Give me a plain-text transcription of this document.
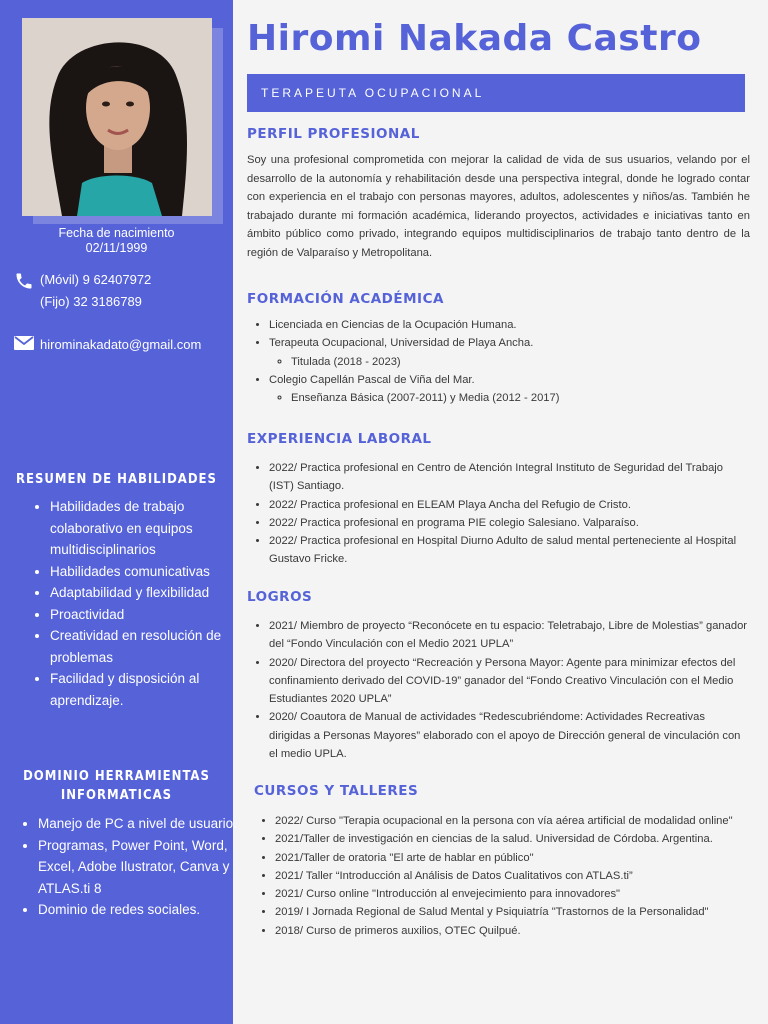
Fecha de nacimiento
02/11/1999
(Móvil) 9 62407972
(Fijo) 32 3186789
hirominakadato@gmail.com
RESUMEN DE HABILIDADES
• Habilidades de trabajo colaborativo en equipos multidisciplinarios
• Habilidades comunicativas
• Adaptabilidad y flexibilidad
• Proactividad
• Creatividad en resolución de problemas
• Facilidad y disposición al aprendizaje.
DOMINIO HERRAMIENTAS
INFORMATICAS
• Manejo de PC a nivel de usuario.
• Programas, Power Point, Word, Excel, Adobe Ilustrator, Canva y ATLAS.ti 8
• Dominio de redes sociales.
Hiromi Nakada Castro
TERAPEUTA OCUPACIONAL
PERFIL PROFESIONAL

Soy una profesional comprometida con mejorar la calidad de vida de sus usuarios, velando por el desarrollo de la autonomía y rehabilitación desde una perspectiva integral, donde he logrado contar con experiencia en el trabajo con personas mayores, adultos, adolescentes y niños/as. También he trabajado durante mi formación académica, liderando proyectos, actividades e iniciativas tanto en ámbito público como privado, integrando equipos multidisciplinarios de trabajo tanto dentro de la región de Valparaíso y Metropolitana.

FORMACIÓN ACADÉMICA
• Licenciada en Ciencias de la Ocupación Humana.
• Terapeuta Ocupacional, Universidad de Playa Ancha.
◦ Titulada (2018 - 2023)
• Colegio Capellán Pascal de Viña del Mar.
◦ Enseñanza Básica (2007-2011) y Media (2012 - 2017)
EXPERIENCIA LABORAL
• 2022/ Practica profesional en Centro de Atención Integral Instituto de Seguridad del Trabajo (IST) Santiago.
• 2022/ Practica profesional en ELEAM Playa Ancha del Refugio de Cristo.
• 2022/ Practica profesional en programa PIE colegio Salesiano. Valparaíso.
• 2022/ Practica profesional en Hospital Diurno Adulto de salud mental perteneciente al Hospital Gustavo Fricke.
LOGROS
• 2021/ Miembro de proyecto “Reconócete en tu espacio: Teletrabajo, Libre de Molestias” ganador del “Fondo Vinculación con el Medio 2021 UPLA”
• 2020/ Directora del proyecto “Recreación y Persona Mayor: Agente para minimizar efectos del confinamiento derivado del COVID-19” ganador del “Fondo Creativo Vinculación con el Medio Estudiantes 2020 UPLA”
• 2020/ Coautora de Manual de actividades “Redescubriéndome: Actividades Recreativas dirigidas a Personas Mayores” elaborado con el apoyo de Dirección general de vinculación con el medio UPLA.
CURSOS Y TALLERES
• 2022/ Curso "Terapia ocupacional en la persona con vía aérea artificial de modalidad online"
• 2021/Taller de investigación en ciencias de la salud. Universidad de Córdoba. Argentina.
• 2021/Taller de oratoria "El arte de hablar en público"
• 2021/ Taller “Introducción al Análisis de Datos Cualitativos con ATLAS.ti”
• 2021/ Curso online "Introducción al envejecimiento para innovadores"
• 2019/ I Jornada Regional de Salud Mental y Psiquiatría "Trastornos de la Personalidad"
• 2018/ Curso de primeros auxilios, OTEC Quilpué.
